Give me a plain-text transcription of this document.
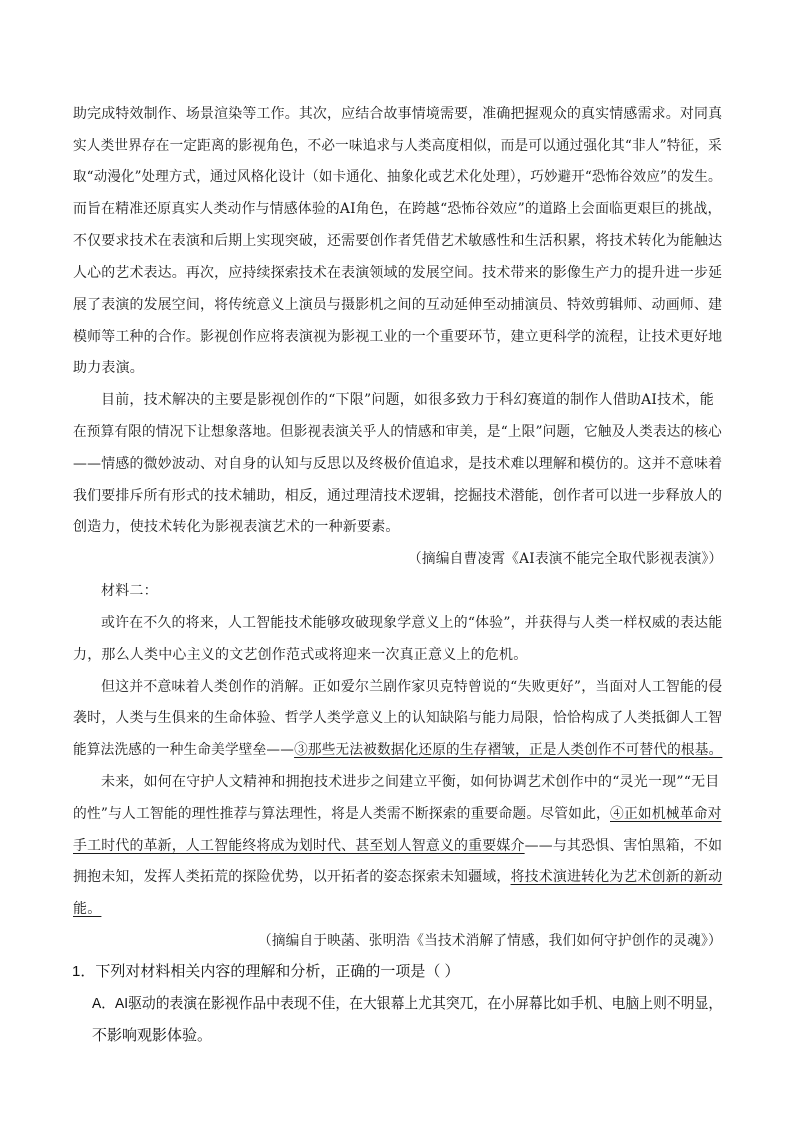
助完成特效制作、场景渲染等工作。其次，应结合故事情境需要，准确把握观众的真实情感需求。对同真
实人类世界存在一定距离的影视角色，不必一味追求与人类高度相似，而是可以通过强化其“非人”特征，采
取“动漫化”处理方式，通过风格化设计（如卡通化、抽象化或艺术化处理），巧妙避开“恐怖谷效应”的发生。
而旨在精准还原真实人类动作与情感体验的AI角色，在跨越“恐怖谷效应”的道路上会面临更艰巨的挑战，
不仅要求技术在表演和后期上实现突破，还需要创作者凭借艺术敏感性和生活积累，将技术转化为能触达
人心的艺术表达。再次，应持续探索技术在表演领域的发展空间。技术带来的影像生产力的提升进一步延
展了表演的发展空间，将传统意义上演员与摄影机之间的互动延伸至动捕演员、特效剪辑师、动画师、建
模师等工种的合作。影视创作应将表演视为影视工业的一个重要环节，建立更科学的流程，让技术更好地
助力表演。
目前，技术解决的主要是影视创作的“下限”问题，如很多致力于科幻赛道的制作人借助AI技术，能
在预算有限的情况下让想象落地。但影视表演关乎人的情感和审美，是“上限”问题，它触及人类表达的核心
——情感的微妙波动、对自身的认知与反思以及终极价值追求，是技术难以理解和模仿的。这并不意味着
我们要排斥所有形式的技术辅助，相反，通过理清技术逻辑，挖掘技术潜能，创作者可以进一步释放人的
创造力，使技术转化为影视表演艺术的一种新要素。
（摘编自曹凌霄《AI表演不能完全取代影视表演》）
材料二：
或许在不久的将来，人工智能技术能够攻破现象学意义上的“体验”，并获得与人类一样权威的表达能
力，那么人类中心主义的文艺创作范式或将迎来一次真正意义上的危机。
但这并不意味着人类创作的消解。正如爱尔兰剧作家贝克特曾说的“失败更好”，当面对人工智能的侵
袭时，人类与生俱来的生命体验、哲学人类学意义上的认知缺陷与能力局限，恰恰构成了人类抵御人工智
能算法洗感的一种生命美学壁垒——③那些无法被数据化还原的生存褶皱，正是人类创作不可替代的根基。
未来，如何在守护人文精神和拥抱技术进步之间建立平衡，如何协调艺术创作中的“灵光一现”“无目
的性”与人工智能的理性推荐与算法理性，将是人类需不断探索的重要命题。尽管如此，④正如机械革命对
手工时代的革新，人工智能终将成为划时代、甚至划人智意义的重要媒介——与其恐惧、害怕黑箱，不如
拥抱未知，发挥人类拓荒的探险优势，以开拓者的姿态探索未知疆域，将技术演进转化为艺术创新的新动
能。
（摘编自于映菡、张明浩《当技术消解了情感，我们如何守护创作的灵魂》）
1．下列对材料相关内容的理解和分析，正确的一项是（ ）
A．AI驱动的表演在影视作品中表现不佳，在大银幕上尤其突兀，在小屏幕比如手机、电脑上则不明显，
不影响观影体验。
